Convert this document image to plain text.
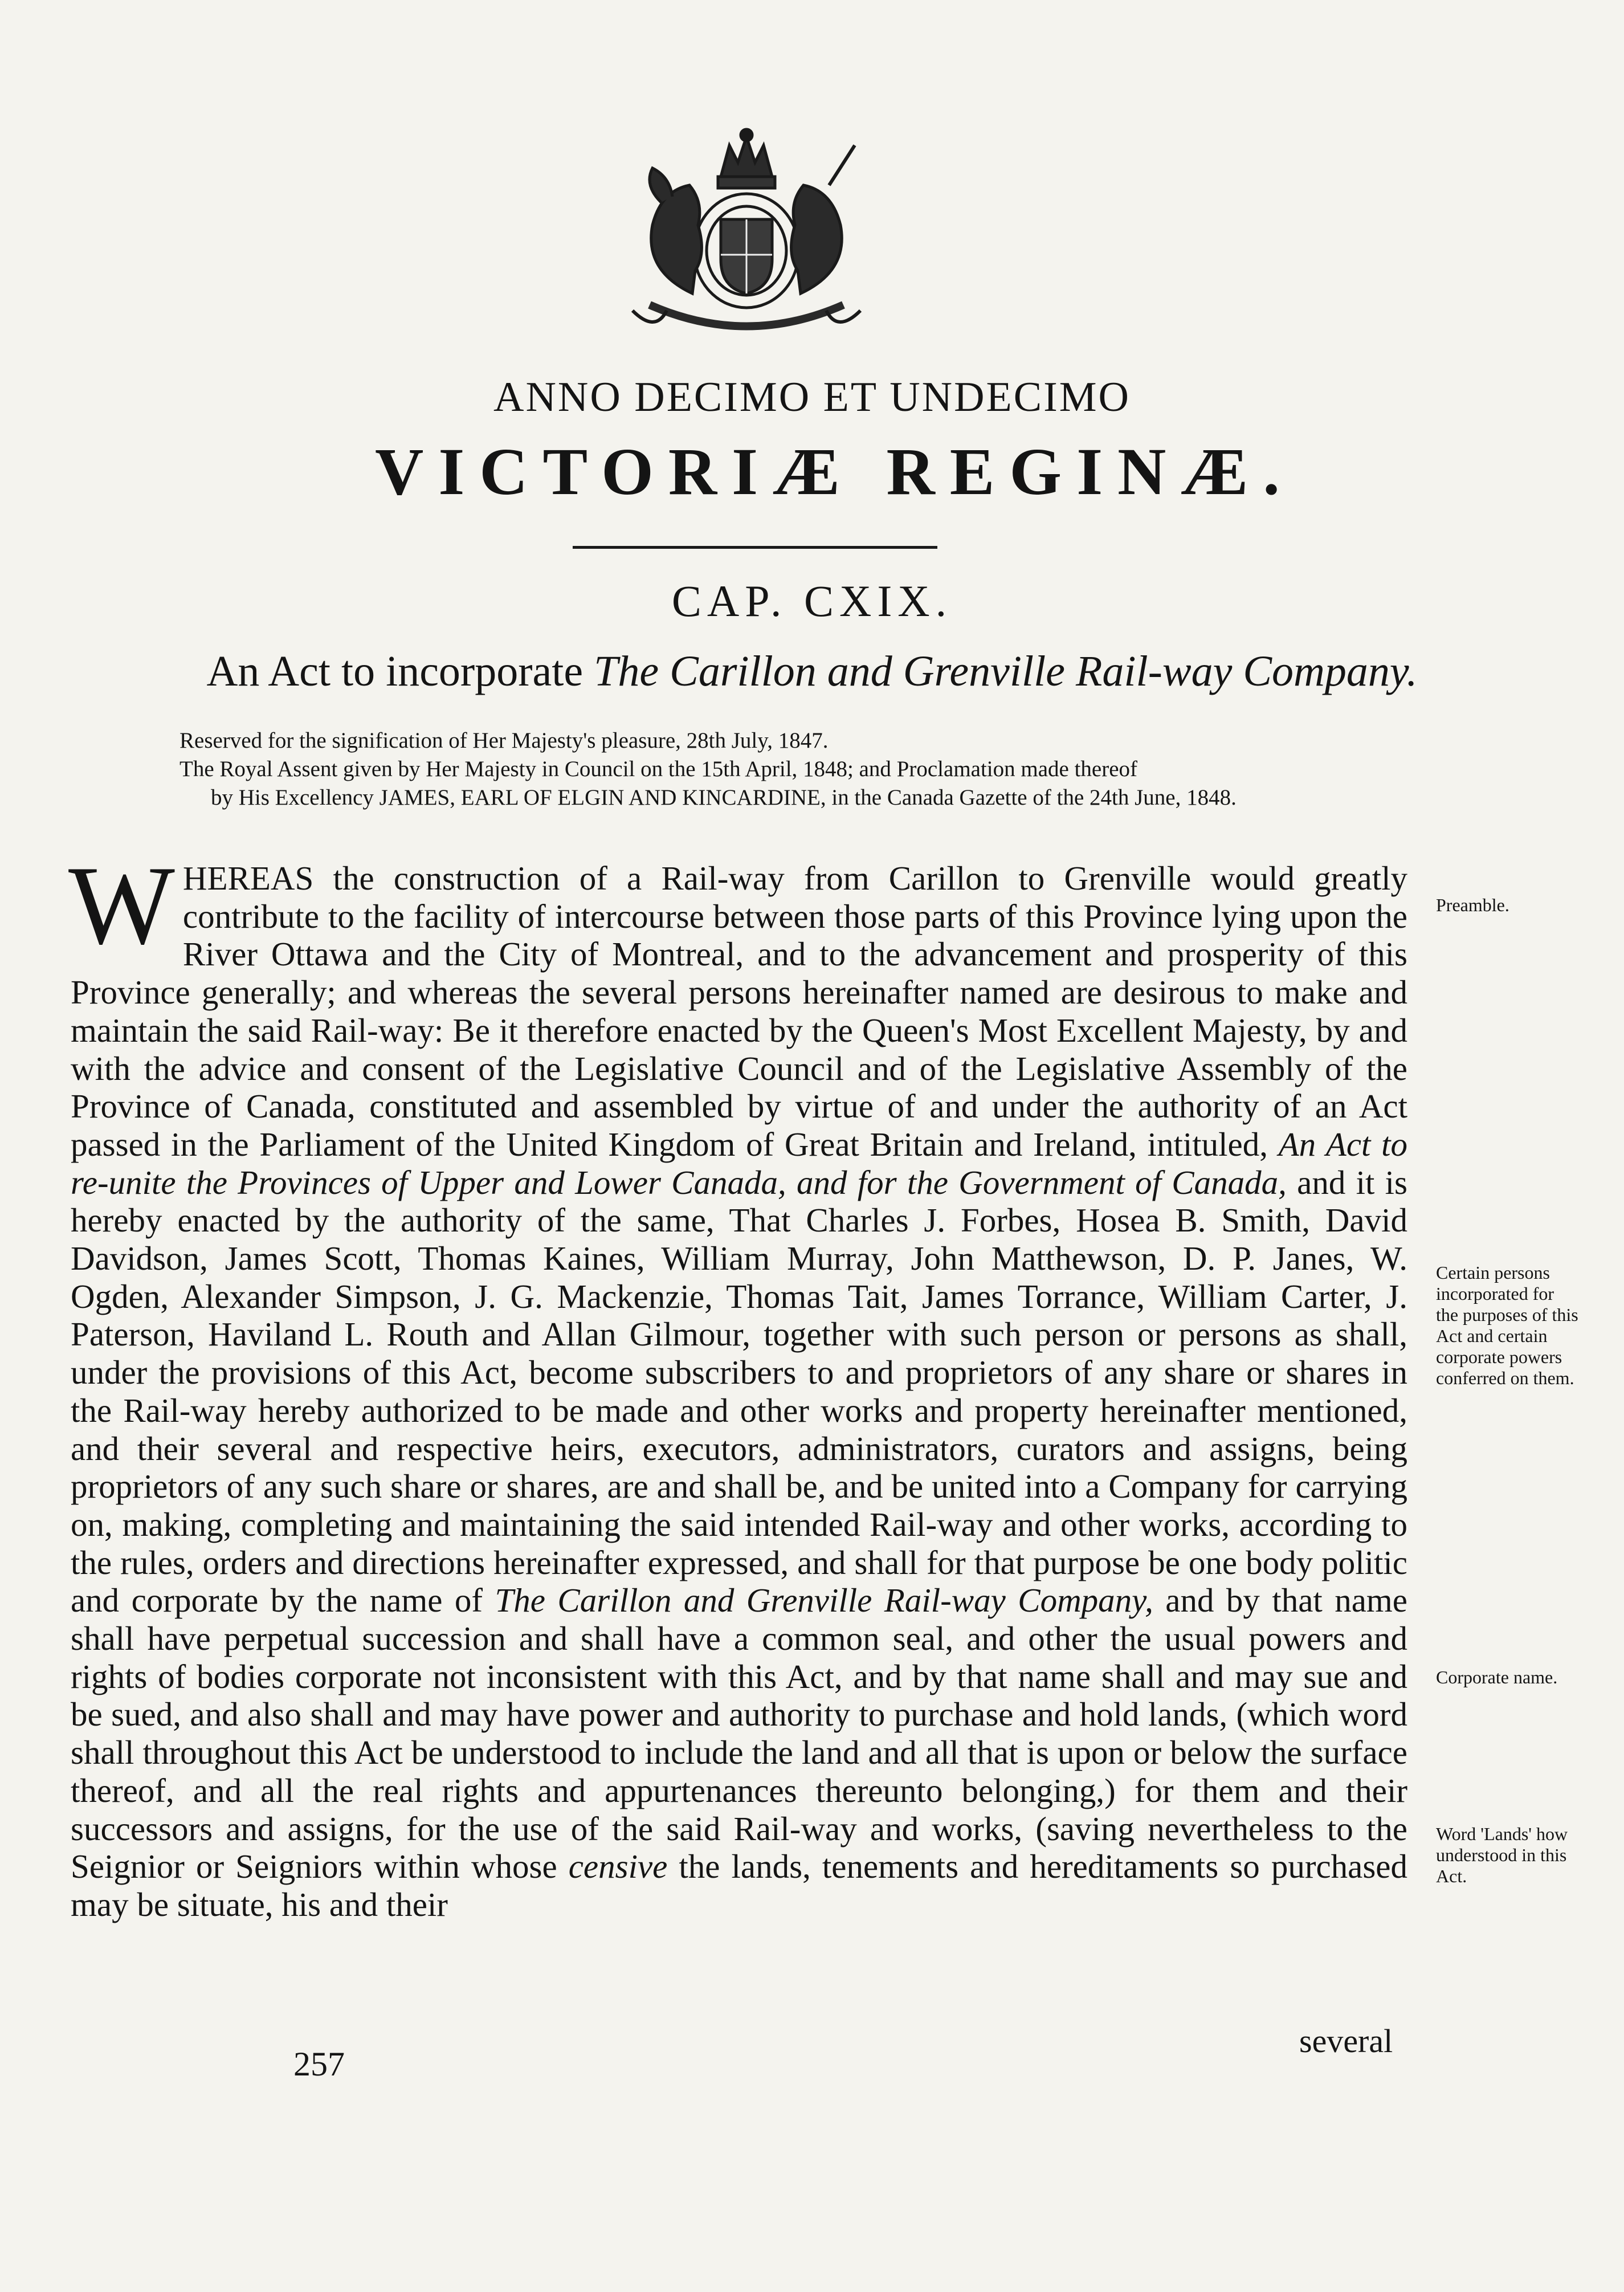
ANNO DECIMO ET UNDECIMO
VICTORIÆ REGINÆ.
CAP. CXIX.
An Act to incorporate The Carillon and Grenville Rail-way Company.

Reserved for the signification of Her Majesty's pleasure, 28th July, 1847.

The Royal Assent given by Her Majesty in Council on the 15th April, 1848; and Proclamation made thereof

by His Excellency JAMES, EARL OF ELGIN AND KINCARDINE, in the Canada Gazette of the 24th June, 1848.

WHEREAS the construction of a Rail-way from Carillon to Grenville would greatly contribute to the facility of intercourse between those parts of this Province lying upon the River Ottawa and the City of Montreal, and to the advancement and prosperity of this Province generally; and whereas the several persons hereinafter named are desirous to make and maintain the said Rail-way: Be it therefore enacted by the Queen's Most Excellent Majesty, by and with the advice and consent of the Legislative Council and of the Legislative Assembly of the Province of Canada, constituted and assembled by virtue of and under the authority of an Act passed in the Parliament of the United Kingdom of Great Britain and Ireland, intituled, An Act to re-unite the Provinces of Upper and Lower Canada, and for the Government of Canada, and it is hereby enacted by the authority of the same, That Charles J. Forbes, Hosea B. Smith, David Davidson, James Scott, Thomas Kaines, William Murray, John Matthewson, D. P. Janes, W. Ogden, Alexander Simpson, J. G. Mackenzie, Thomas Tait, James Torrance, William Carter, J. Paterson, Haviland L. Routh and Allan Gilmour, together with such person or persons as shall, under the provisions of this Act, become subscribers to and proprietors of any share or shares in the Rail-way hereby authorized to be made and other works and property hereinafter mentioned, and their several and respective heirs, executors, administrators, curators and assigns, being proprietors of any such share or shares, are and shall be, and be united into a Company for carrying on, making, completing and maintaining the said intended Rail-way and other works, according to the rules, orders and directions hereinafter expressed, and shall for that purpose be one body politic and corporate by the name of The Carillon and Grenville Rail-way Company, and by that name shall have perpetual succession and shall have a common seal, and other the usual powers and rights of bodies corporate not inconsistent with this Act, and by that name shall and may sue and be sued, and also shall and may have power and authority to purchase and hold lands, (which word shall throughout this Act be understood to include the land and all that is upon or below the surface thereof, and all the real rights and appurtenances thereunto belonging,) for them and their successors and assigns, for the use of the said Rail-way and works, (saving nevertheless to the Seignior or Seigniors within whose censive the lands, tenements and hereditaments so purchased may be situate, his and their

Preamble.

Certain persons incorporated for the purposes of this Act and certain corporate powers conferred on them.

Corporate name.

Word 'Lands' how understood in this Act.

257
several
